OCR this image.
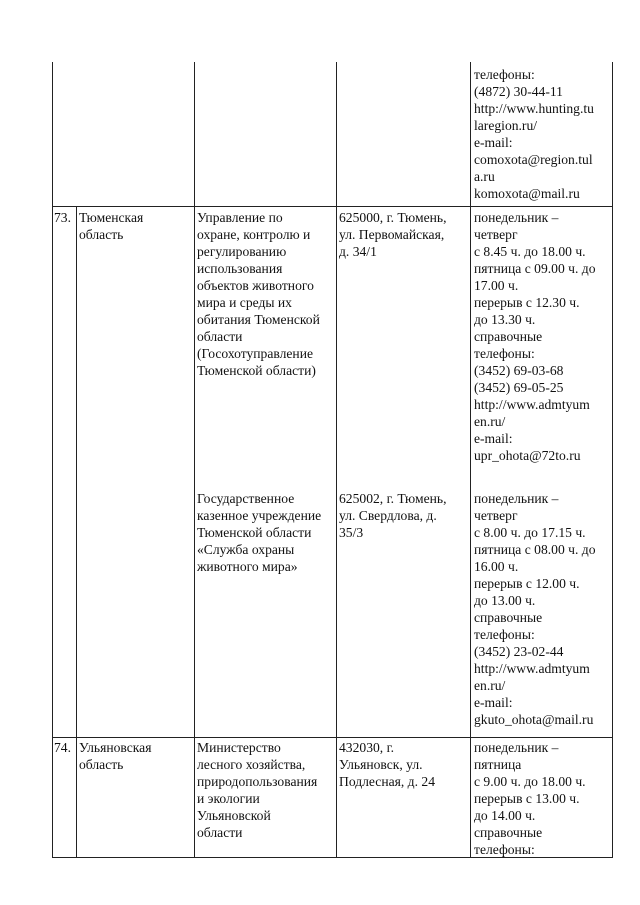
телефоны:
(4872) 30-44-11
http://www.hunting.tu
laregion.ru/
e-mail:
comoxota@region.tul
a.ru
komoxota@mail.ru
73. Тюменская
область
Управление по
охране, контролю и
регулированию
использования
объектов животного
мира и среды их
обитания Тюменской
области
(Госохотуправление
Тюменской области)
625000, г. Тюмень,
ул. Первомайская,
д. 34/1
понедельник –
четверг
с 8.45 ч. до 18.00 ч.
пятница с 09.00 ч. до
17.00 ч.
перерыв с 12.30 ч.
до 13.30 ч.
справочные
телефоны:
(3452) 69-03-68
(3452) 69-05-25
http://www.admtyum
en.ru/
e-mail:
upr_ohota@72to.ru
Государственное
казенное учреждение
Тюменской области
«Служба охраны
животного мира»
625002, г. Тюмень,
ул. Свердлова, д.
35/3
понедельник –
четверг
с 8.00 ч. до 17.15 ч.
пятница с 08.00 ч. до
16.00 ч.
перерыв с 12.00 ч.
до 13.00 ч.
справочные
телефоны:
(3452) 23-02-44
http://www.admtyum
en.ru/
e-mail:
gkuto_ohota@mail.ru
74. Ульяновская
область
Министерство
лесного хозяйства,
природопользования
и экологии
Ульяновской
области
432030, г.
Ульяновск, ул.
Подлесная, д. 24
понедельник –
пятница
с 9.00 ч. до 18.00 ч.
перерыв с 13.00 ч.
до 14.00 ч.
справочные
телефоны:
